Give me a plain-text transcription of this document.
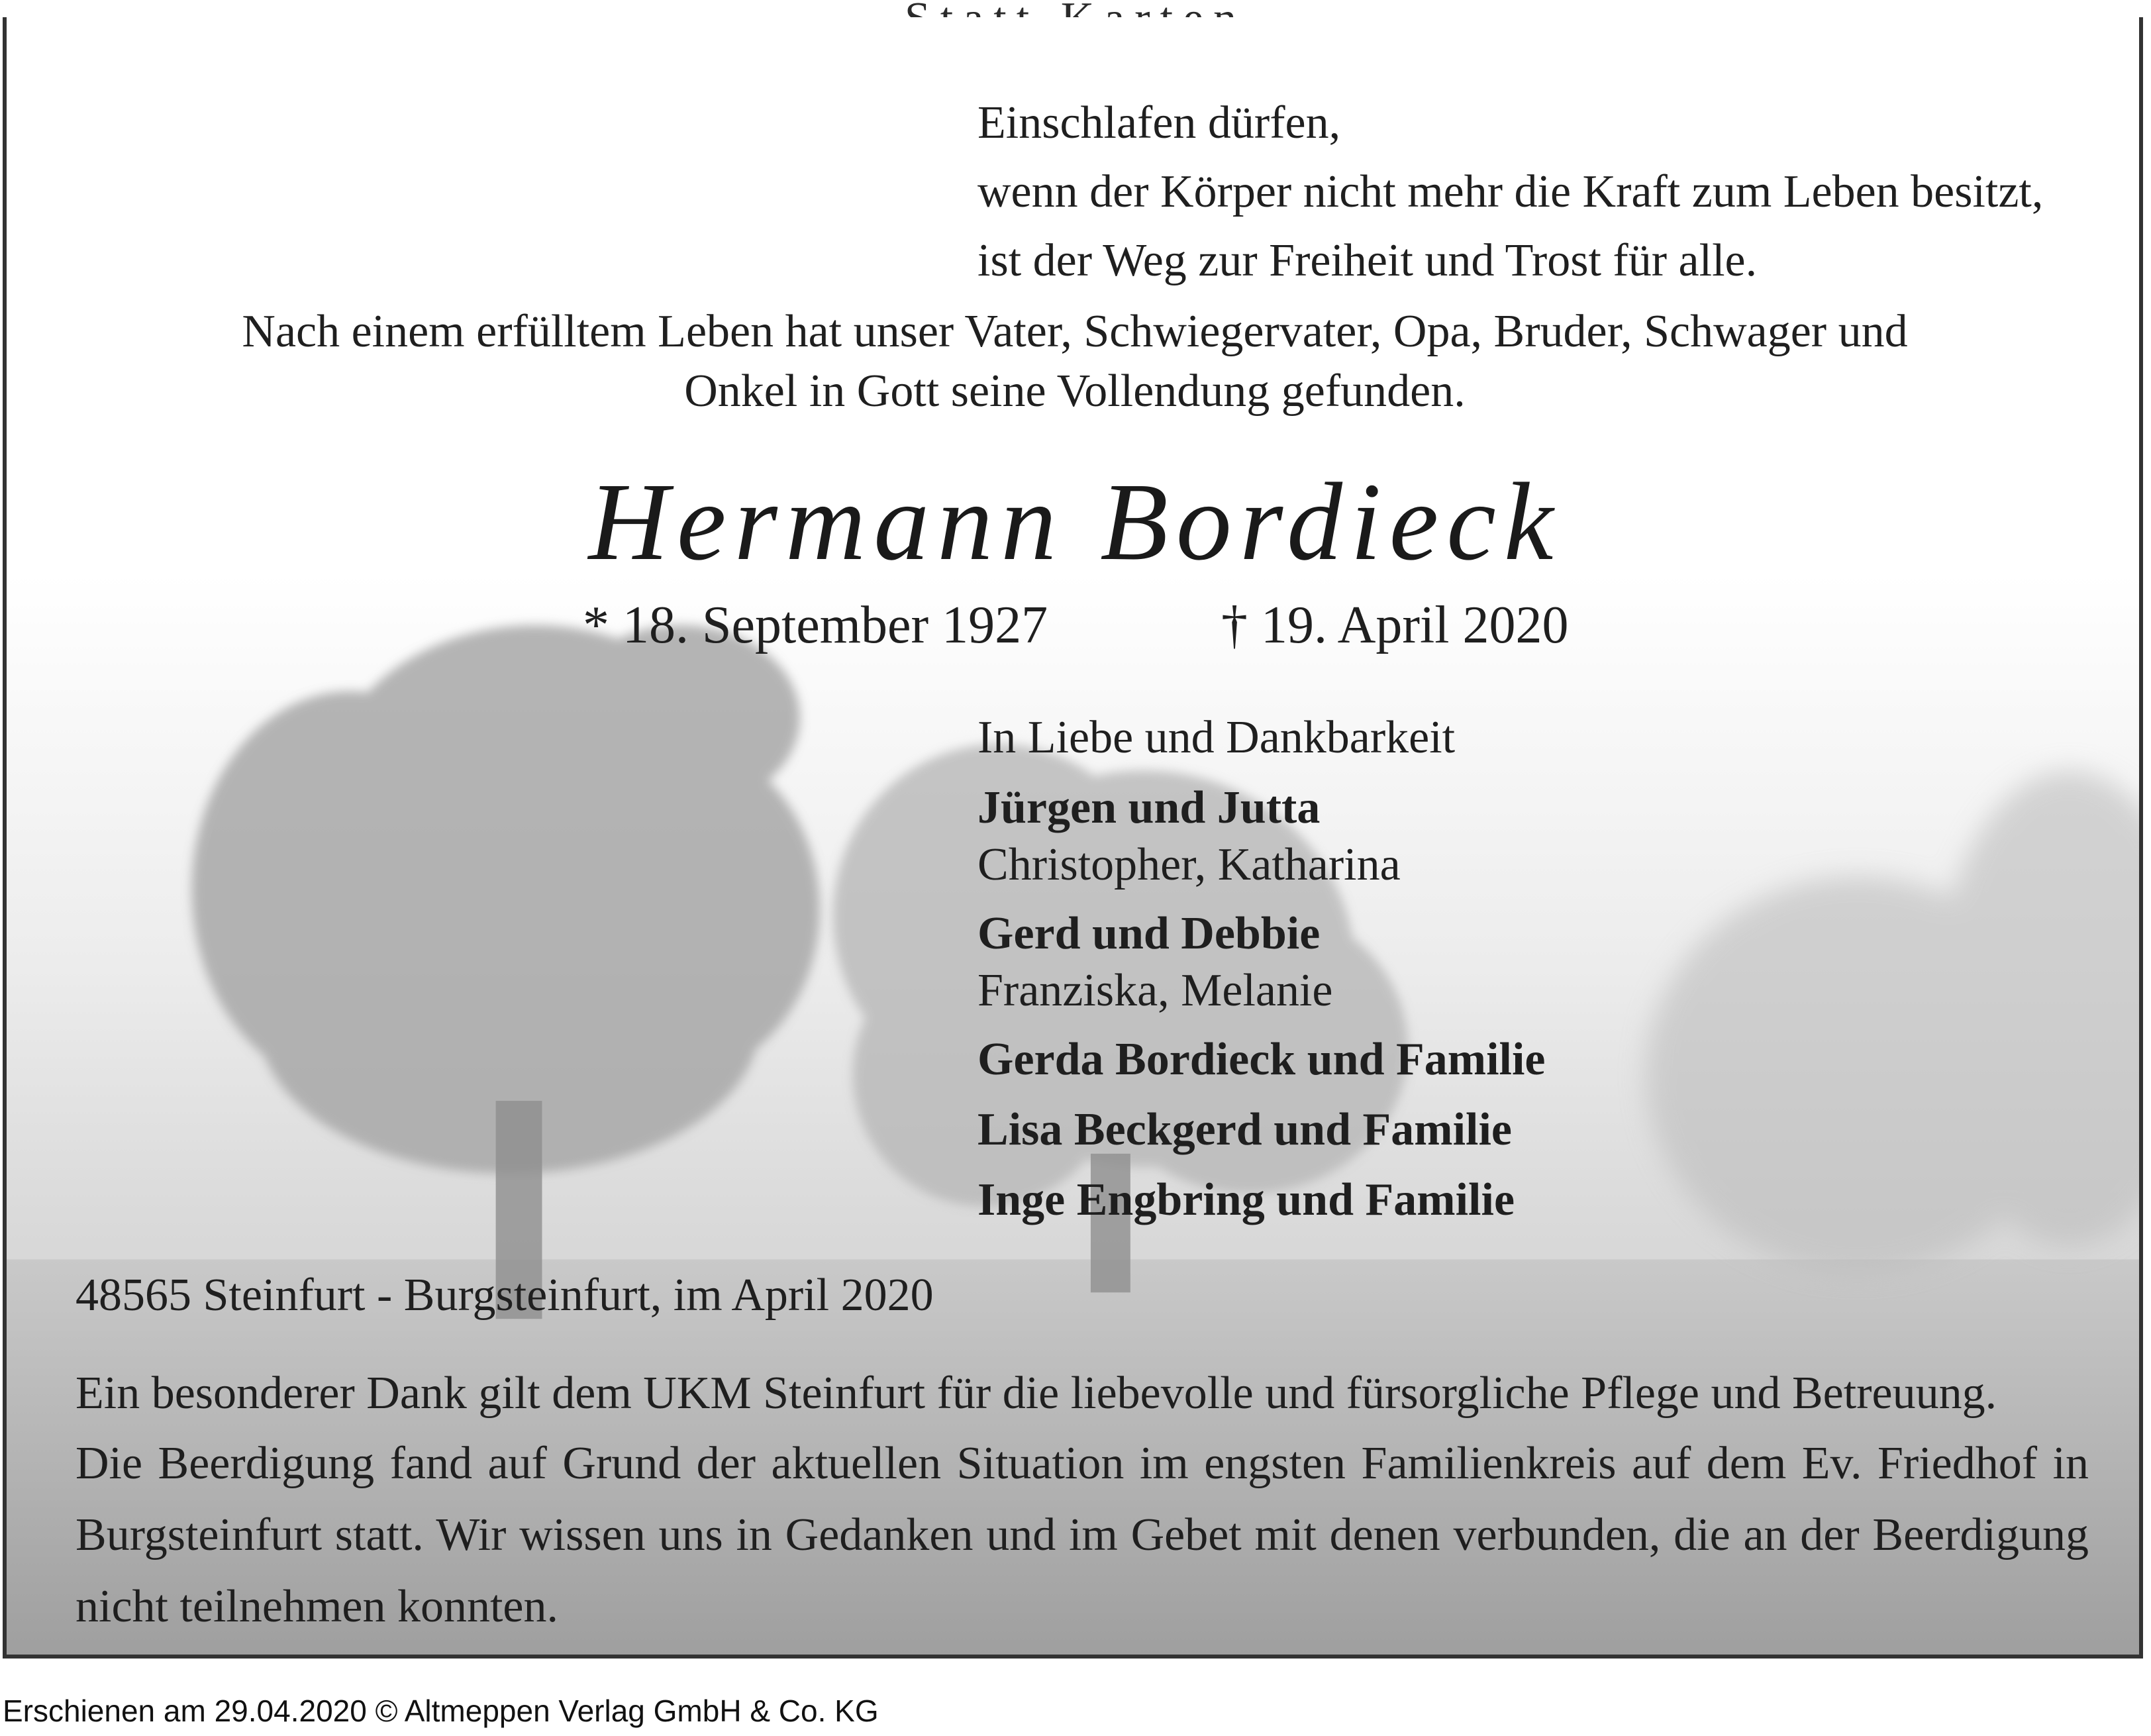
Einschlafen dürfen,
wenn der Körper nicht mehr die Kraft zum Leben besitzt,
ist der Weg zur Freiheit und Trost für alle.
Nach einem erfülltem Leben hat unser Vater, Schwiegervater, Opa, Bruder, Schwager und
Onkel in Gott seine Vollendung gefunden.
Hermann Bordieck
* 18. September 1927	† 19. April 2020
In Liebe und Dankbarkeit
Jürgen und Jutta
Christopher, Katharina
Gerd und Debbie
Franziska, Melanie
Gerda Bordieck und Familie
Lisa Beckgerd und Familie
Inge Engbring und Familie
48565 Steinfurt - Burgsteinfurt, im April 2020
Ein besonderer Dank gilt dem UKM Steinfurt für die liebevolle und fürsorgliche Pflege und Betreuung.
Die Beerdigung fand auf Grund der aktuellen Situation im engsten Familienkreis auf dem Ev. Friedhof in Burgsteinfurt statt. Wir wissen uns in Gedanken und im Gebet mit denen verbunden, die an der Beerdigung nicht teilnehmen konnten.
Erschienen am 29.04.2020 © Altmeppen Verlag GmbH & Co. KG
